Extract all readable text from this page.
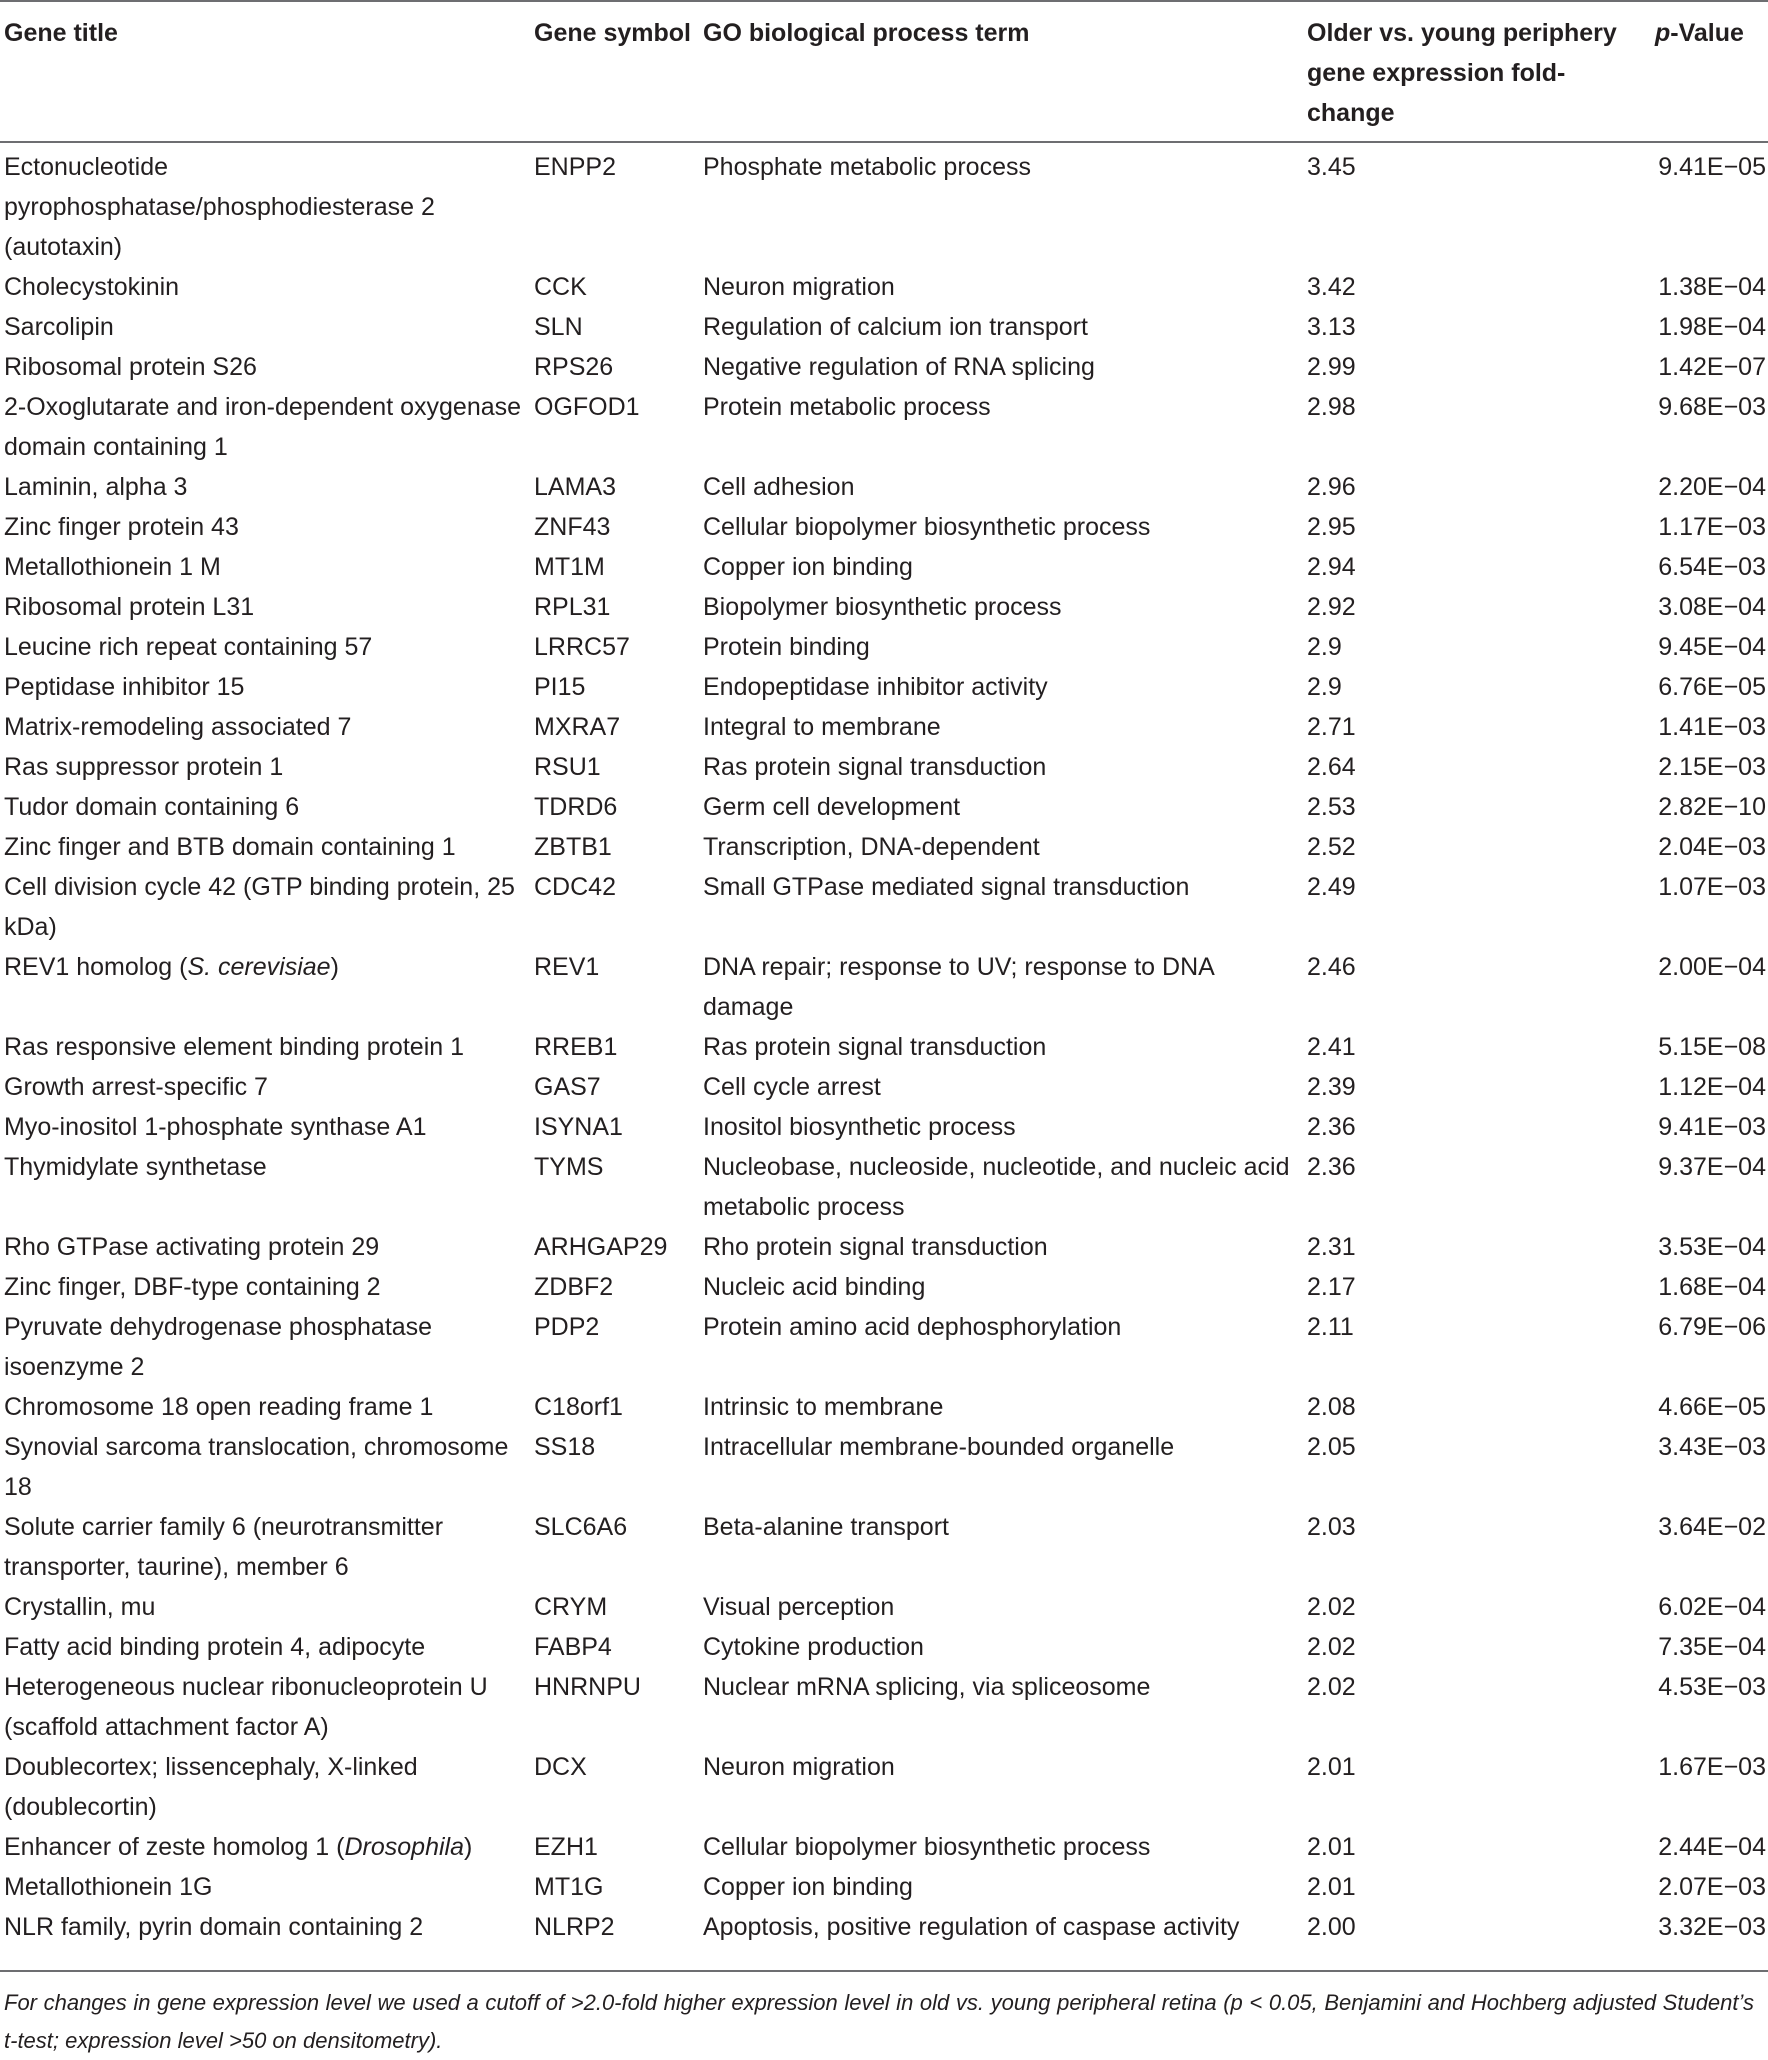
Gene title	Gene symbol	GO biological process term	Older vs. young periphery gene expression fold-change	p-Value
Ectonucleotide pyrophosphatase/phosphodiesterase 2 (autotaxin)	ENPP2	Phosphate metabolic process	3.45	9.41E−05
Cholecystokinin	CCK	Neuron migration	3.42	1.38E−04
Sarcolipin	SLN	Regulation of calcium ion transport	3.13	1.98E−04
Ribosomal protein S26	RPS26	Negative regulation of RNA splicing	2.99	1.42E−07
2-Oxoglutarate and iron-dependent oxygenase domain containing 1	OGFOD1	Protein metabolic process	2.98	9.68E−03
Laminin, alpha 3	LAMA3	Cell adhesion	2.96	2.20E−04
Zinc finger protein 43	ZNF43	Cellular biopolymer biosynthetic process	2.95	1.17E−03
Metallothionein 1 M	MT1M	Copper ion binding	2.94	6.54E−03
Ribosomal protein L31	RPL31	Biopolymer biosynthetic process	2.92	3.08E−04
Leucine rich repeat containing 57	LRRC57	Protein binding	2.9	9.45E−04
Peptidase inhibitor 15	PI15	Endopeptidase inhibitor activity	2.9	6.76E−05
Matrix-remodeling associated 7	MXRA7	Integral to membrane	2.71	1.41E−03
Ras suppressor protein 1	RSU1	Ras protein signal transduction	2.64	2.15E−03
Tudor domain containing 6	TDRD6	Germ cell development	2.53	2.82E−10
Zinc finger and BTB domain containing 1	ZBTB1	Transcription, DNA-dependent	2.52	2.04E−03
Cell division cycle 42 (GTP binding protein, 25 kDa)	CDC42	Small GTPase mediated signal transduction	2.49	1.07E−03
REV1 homolog (S. cerevisiae)	REV1	DNA repair; response to UV; response to DNA damage	2.46	2.00E−04
Ras responsive element binding protein 1	RREB1	Ras protein signal transduction	2.41	5.15E−08
Growth arrest-specific 7	GAS7	Cell cycle arrest	2.39	1.12E−04
Myo-inositol 1-phosphate synthase A1	ISYNA1	Inositol biosynthetic process	2.36	9.41E−03
Thymidylate synthetase	TYMS	Nucleobase, nucleoside, nucleotide, and nucleic acid metabolic process	2.36	9.37E−04
Rho GTPase activating protein 29	ARHGAP29	Rho protein signal transduction	2.31	3.53E−04
Zinc finger, DBF-type containing 2	ZDBF2	Nucleic acid binding	2.17	1.68E−04
Pyruvate dehydrogenase phosphatase isoenzyme 2	PDP2	Protein amino acid dephosphorylation	2.11	6.79E−06
Chromosome 18 open reading frame 1	C18orf1	Intrinsic to membrane	2.08	4.66E−05
Synovial sarcoma translocation, chromosome 18	SS18	Intracellular membrane-bounded organelle	2.05	3.43E−03
Solute carrier family 6 (neurotransmitter transporter, taurine), member 6	SLC6A6	Beta-alanine transport	2.03	3.64E−02
Crystallin, mu	CRYM	Visual perception	2.02	6.02E−04
Fatty acid binding protein 4, adipocyte	FABP4	Cytokine production	2.02	7.35E−04
Heterogeneous nuclear ribonucleoprotein U (scaffold attachment factor A)	HNRNPU	Nuclear mRNA splicing, via spliceosome	2.02	4.53E−03
Doublecortex; lissencephaly, X-linked (doublecortin)	DCX	Neuron migration	2.01	1.67E−03
Enhancer of zeste homolog 1 (Drosophila)	EZH1	Cellular biopolymer biosynthetic process	2.01	2.44E−04
Metallothionein 1G	MT1G	Copper ion binding	2.01	2.07E−03
NLR family, pyrin domain containing 2	NLRP2	Apoptosis, positive regulation of caspase activity	2.00	3.32E−03
For changes in gene expression level we used a cutoff of >2.0-fold higher expression level in old vs. young peripheral retina (p < 0.05, Benjamini and Hochberg adjusted Student’s t-test; expression level >50 on densitometry).
